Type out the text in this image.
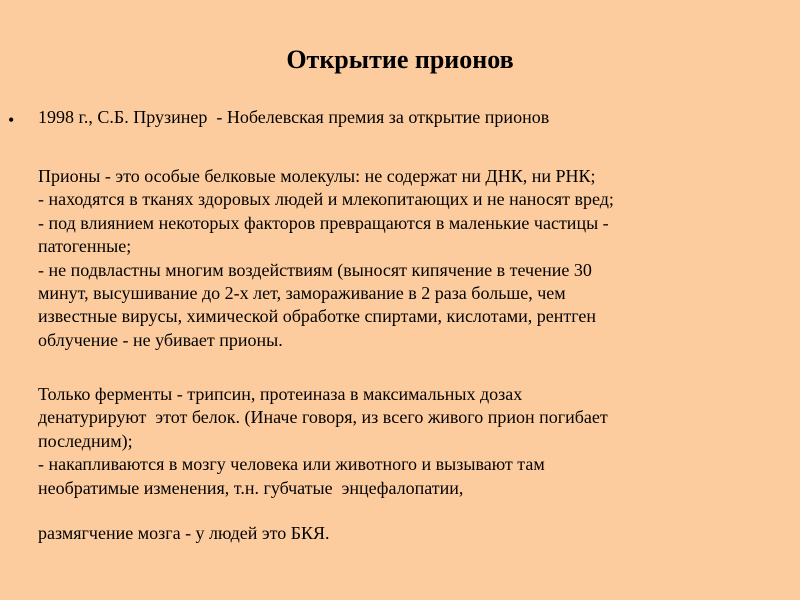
Открытие прионов
• 1998 г., С.Б. Прузинер  - Нобелевская премия за открытие прионов
Прионы - это особые белковые молекулы: не содержат ни ДНК, ни РНК;
- находятся в тканях здоровых людей и млекопитающих и не наносят вред;
- под влиянием некоторых факторов превращаются в маленькие частицы -
патогенные;
- не подвластны многим воздействиям (выносят кипячение в течение 30
минут, высушивание до 2-х лет, замораживание в 2 раза больше, чем
известные вирусы, химической обработке спиртами, кислотами, рентген
облучение - не убивает прионы.
Только ферменты - трипсин, протеиназа в максимальных дозах
денатурируют  этот белок. (Иначе говоря, из всего живого прион погибает
последним);
- накапливаются в мозгу человека или животного и вызывают там
необратимые изменения, т.н. губчатые  энцефалопатии,
размягчение мозга - у людей это БКЯ.
